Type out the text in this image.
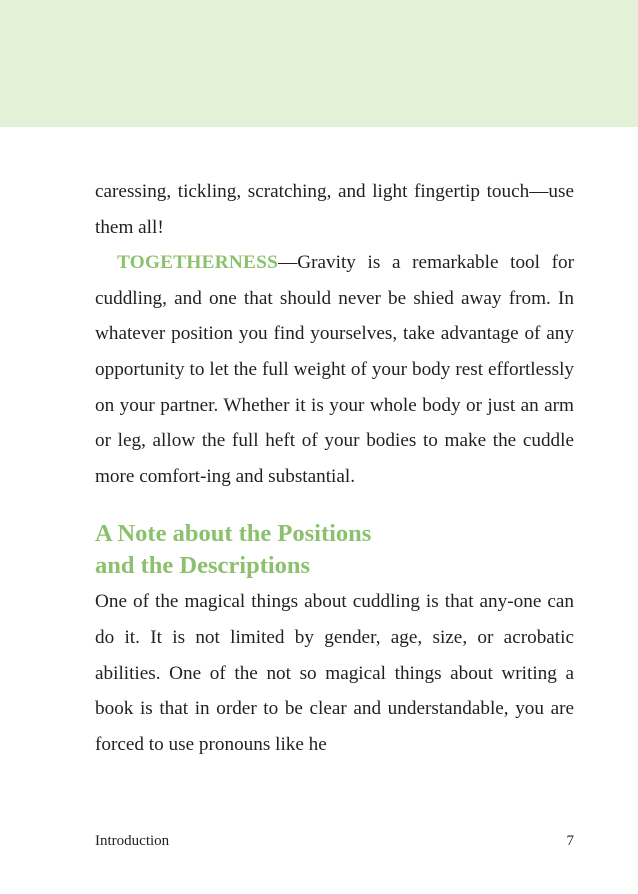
caressing, tickling, scratching, and light fingertip touch—use them all!

TOGETHERNESS—Gravity is a remarkable tool for cuddling, and one that should never be shied away from. In whatever position you find yourselves, take advantage of any opportunity to let the full weight of your body rest effortlessly on your partner. Whether it is your whole body or just an arm or leg, allow the full heft of your bodies to make the cuddle more comfort-ing and substantial.

A Note about the Positions
and the Descriptions

One of the magical things about cuddling is that any-one can do it. It is not limited by gender, age, size, or acrobatic abilities. One of the not so magical things about writing a book is that in order to be clear and understandable, you are forced to use pronouns like he

Introduction	7
